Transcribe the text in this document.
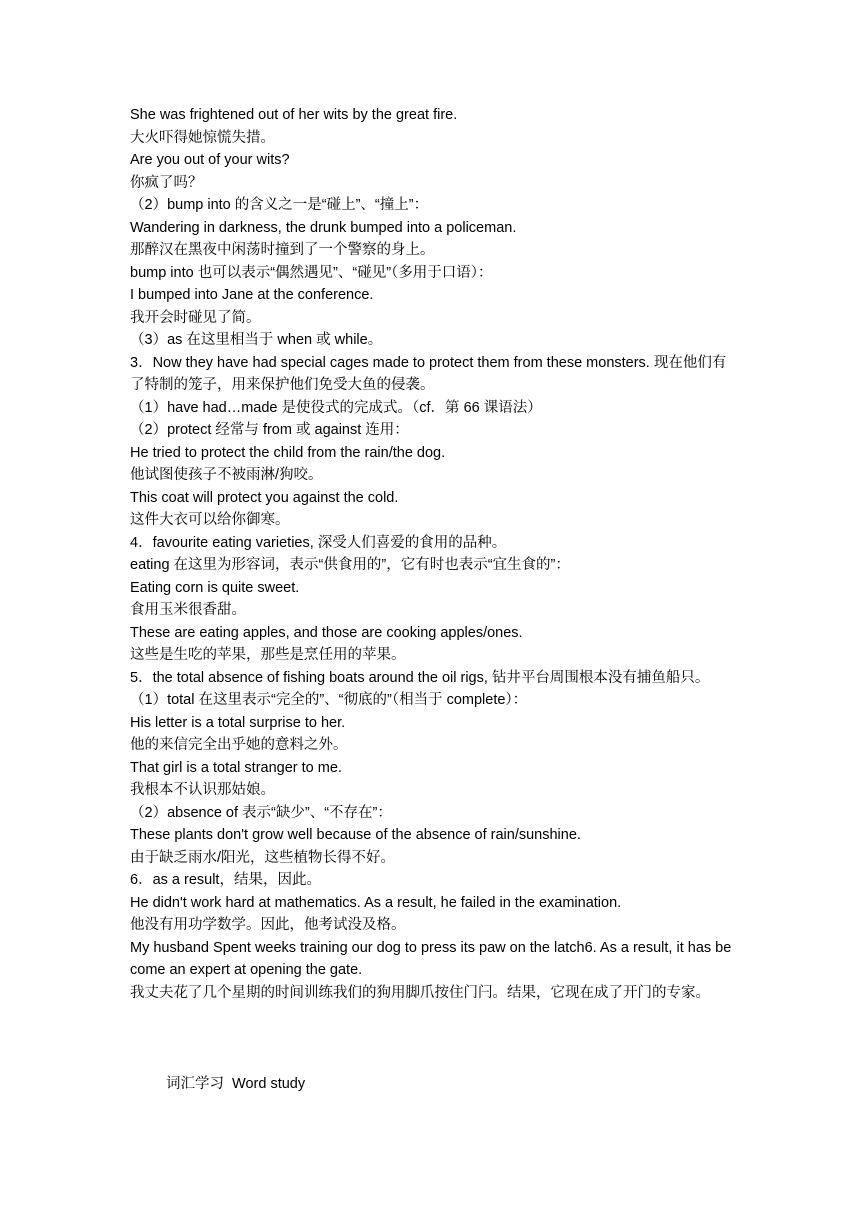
She was frightened out of her wits by the great fire.
大火吓得她惊慌失措。
Are you out of your wits?
你疯了吗？
（2）bump into 的含义之一是“碰上”、“撞上”：
Wandering in darkness, the drunk bumped into a policeman.
那醉汉在黑夜中闲荡时撞到了一个警察的身上。
bump into 也可以表示“偶然遇见”、“碰见”（多用于口语）：
I bumped into Jane at the conference.
我开会时碰见了简。
（3）as 在这里相当于 when 或 while。
3．Now they have had special cages made to protect them from these monsters. 现在他们有了特制的笼子，用来保护他们免受大鱼的侵袭。
（1）have had…made 是使役式的完成式。（cf．第 66 课语法）
（2）protect 经常与 from 或 against 连用：
He tried to protect the child from the rain/the dog.
他试图使孩子不被雨淋/狗咬。
This coat will protect you against the cold.
这件大衣可以给你御寒。
4．favourite eating varieties, 深受人们喜爱的食用的品种。
eating 在这里为形容词，表示“供食用的”，它有时也表示“宜生食的”：
Eating corn is quite sweet.
食用玉米很香甜。
These are eating apples, and those are cooking apples/ones.
这些是生吃的苹果，那些是烹任用的苹果。
5．the total absence of fishing boats around the oil rigs, 钻井平台周围根本没有捕鱼船只。
（1）total 在这里表示“完全的”、“彻底的”（相当于 complete）：
His letter is a total surprise to her.
他的来信完全出乎她的意料之外。
That girl is a total stranger to me.
我根本不认识那姑娘。
（2）absence of 表示“缺少”、“不存在”：
These plants don't grow well because of the absence of rain/sunshine.
由于缺乏雨水/阳光，这些植物长得不好。
6．as a result，结果，因此。
He didn't work hard at mathematics. As a result, he failed in the examination.
他没有用功学数学。因此，他考试没及格。
My husband Spent weeks training our dog to press its paw on the latch6. As a result, it has become an expert at opening the gate.
我丈夫花了几个星期的时间训练我们的狗用脚爪按住门闩。结果，它现在成了开门的专家。
词汇学习  Word study
